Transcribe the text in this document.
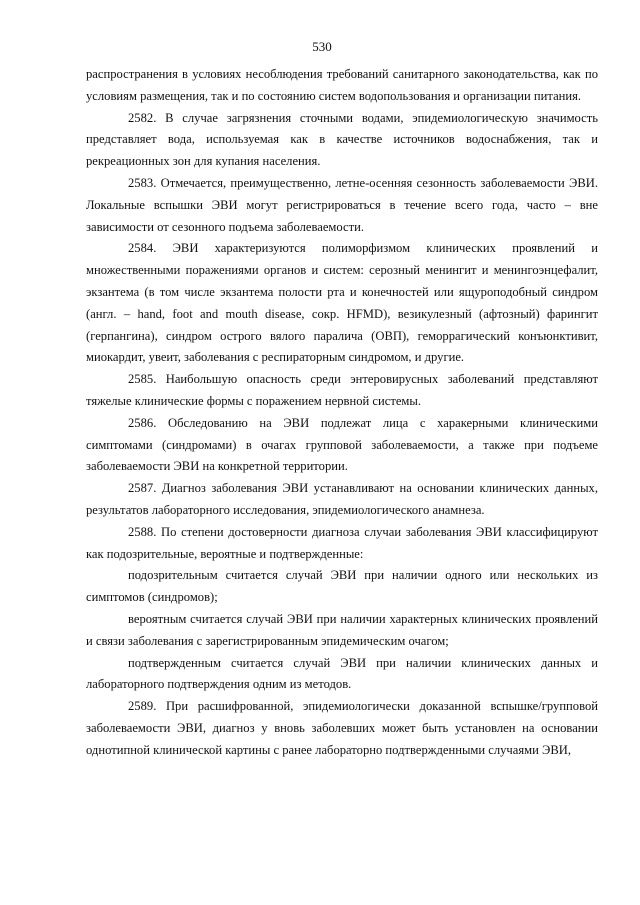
530

распространения в условиях несоблюдения требований санитарного законодательства, как по условиям размещения, так и по состоянию систем водопользования и организации питания.

2582. В случае загрязнения сточными водами, эпидемиологическую значимость представляет вода, используемая как в качестве источников водоснабжения, так и рекреационных зон для купания населения.

2583. Отмечается, преимущественно, летне-осенняя сезонность заболеваемости ЭВИ. Локальные вспышки ЭВИ могут регистрироваться в течение всего года, часто – вне зависимости от сезонного подъема заболеваемости.

2584. ЭВИ характеризуются полиморфизмом клинических проявлений и множественными поражениями органов и систем: серозный менингит и менингоэнцефалит, экзантема (в том числе экзантема полости рта и конечностей или ящуроподобный синдром (англ. – hand, foot and mouth disease, сокр. HFMD), везикулезный (афтозный) фарингит (герпангина), синдром острого вялого паралича (ОВП), геморрагический конъюнктивит, миокардит, увеит, заболевания с респираторным синдромом, и другие.

2585. Наибольшую опасность среди энтеровирусных заболеваний представляют тяжелые клинические формы с поражением нервной системы.

2586. Обследованию на ЭВИ подлежат лица с харакерными клиническими симптомами (синдромами) в очагах групповой заболеваемости, а также при подъеме заболеваемости ЭВИ на конкретной территории.

2587. Диагноз заболевания ЭВИ устанавливают на основании клинических данных, результатов лабораторного исследования, эпидемиологического анамнеза.

2588. По степени достоверности диагноза случаи заболевания ЭВИ классифицируют как подозрительные, вероятные и подтвержденные:

подозрительным считается случай ЭВИ при наличии одного или нескольких из симптомов (синдромов);

вероятным считается случай ЭВИ при наличии характерных клинических проявлений и связи заболевания с зарегистрированным эпидемическим очагом;

подтвержденным считается случай ЭВИ при наличии клинических данных и лабораторного подтверждения одним из методов.

2589. При расшифрованной, эпидемиологически доказанной вспышке/групповой заболеваемости ЭВИ, диагноз у вновь заболевших может быть установлен на основании однотипной клинической картины с ранее лабораторно подтвержденными случаями ЭВИ,
